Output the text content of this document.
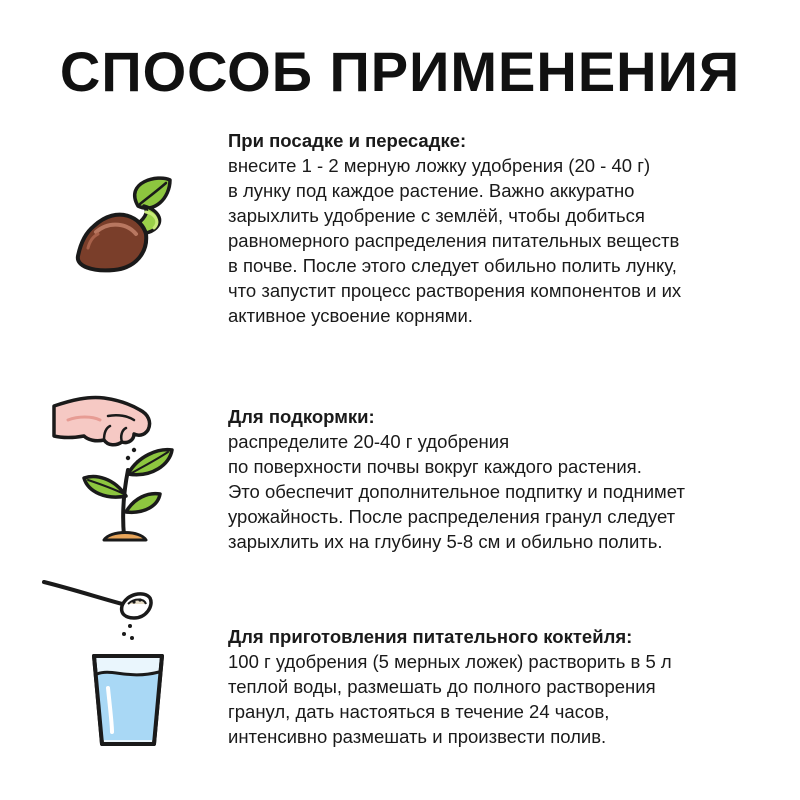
СПОСОБ ПРИМЕНЕНИЯ
При посадке и пересадке:
внесите 1 - 2 мерную ложку удобрения (20 - 40 г)
в лунку под каждое растение. Важно аккуратно
зарыхлить удобрение с землёй, чтобы добиться
равномерного распределения питательных веществ
в почве. После этого следует обильно полить лунку,
что запустит процесс растворения компонентов и их
активное усвоение корнями.
Для подкормки:
распределите 20-40 г удобрения
по поверхности почвы вокруг каждого растения.
Это обеспечит дополнительное подпитку и поднимет
урожайность. После распределения гранул следует
зарыхлить их на глубину 5-8 см и обильно полить.
Для приготовления питательного коктейля:
100 г удобрения (5 мерных ложек) растворить в 5 л
теплой воды, размешать до полного растворения
гранул, дать настояться в течение 24 часов,
интенсивно размешать и произвести полив.
